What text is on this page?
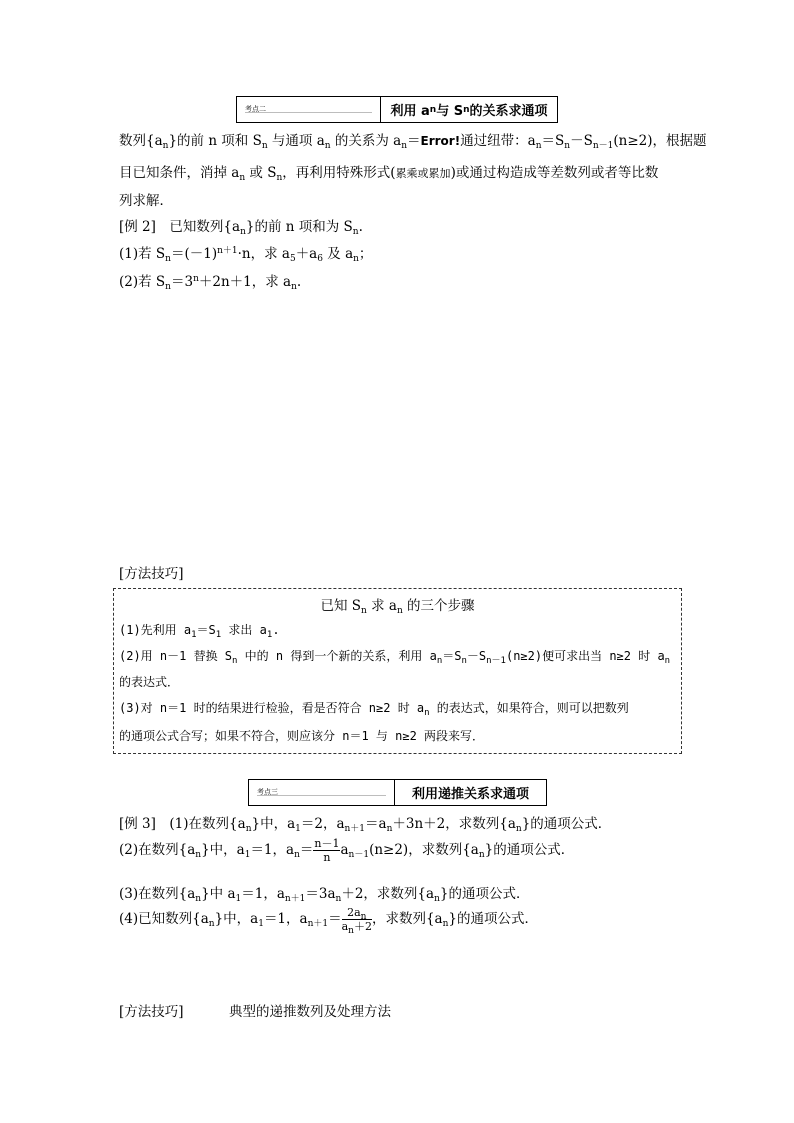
考点二	利用 a n 与 S n 的关系求通项
数列$\{a_n\}$的前 n 项和 $S_n$ 与通项 $a_n$ 的关系为 $a_n=Error$!通过纽带：$a_n=S_n-S_{n-1}(n\ge 2)$，根据题
目已知条件，消掉 $a_n$ 或 $S_n$，再利用特殊形式(累乘或累加)或通过构造成等差数列或者等比数
列求解．
[例 2]　已知数列$\{a_n\}$的前 n 项和为 $S_n$.
(1)若 $S_n=(-1)^{n+1}\cdot n$，求 $a_5+a_6$ 及 $a_n$；
(2)若 $S_n=3^n+2n+1$，求 $a_n$.
[方法技巧]
已知 $S_n$ 求 $a_n$ 的三个步骤
(1)先利用 $a_1=S_1$ 求出 $a_1$.
(2)用 n－1 替换 $S_n$ 中的 n 得到一个新的关系，利用 $a_n=S_n-S_{n-1}(n\ge 2)$便可求出当 n≥2 时 $a_n$
的表达式．
(3)对 n＝1 时的结果进行检验，看是否符合 n≥2 时 $a_n$ 的表达式，如果符合，则可以把数列
的通项公式合写；如果不符合，则应该分 n＝1 与 n≥2 两段来写．
考点三	利用递推关系求通项
[例 3]　(1)在数列$\{a_n\}$中，$a_1=2$，$a_{n+1}=a_n+3n+2$，求数列$\{a_n\}$的通项公式．
(2)在数列$\{a_n\}$中，$a_1=1$，$a_n= \frac{n-1}{n} a_{n-1}(n\ge 2)$，求数列$\{a_n\}$的通项公式．
(3)在数列$\{a_n\}$中 $a_1=1$，$a_{n+1}=3a_n+2$，求数列$\{a_n\}$的通项公式．
(4)已知数列$\{a_n\}$中，$a_1=1$，$a_{n+1}= \frac{2a_n}{a_n+2}$ ，求数列$\{a_n\}$的通项公式．
[方法技巧]	典型的递推数列及处理方法
